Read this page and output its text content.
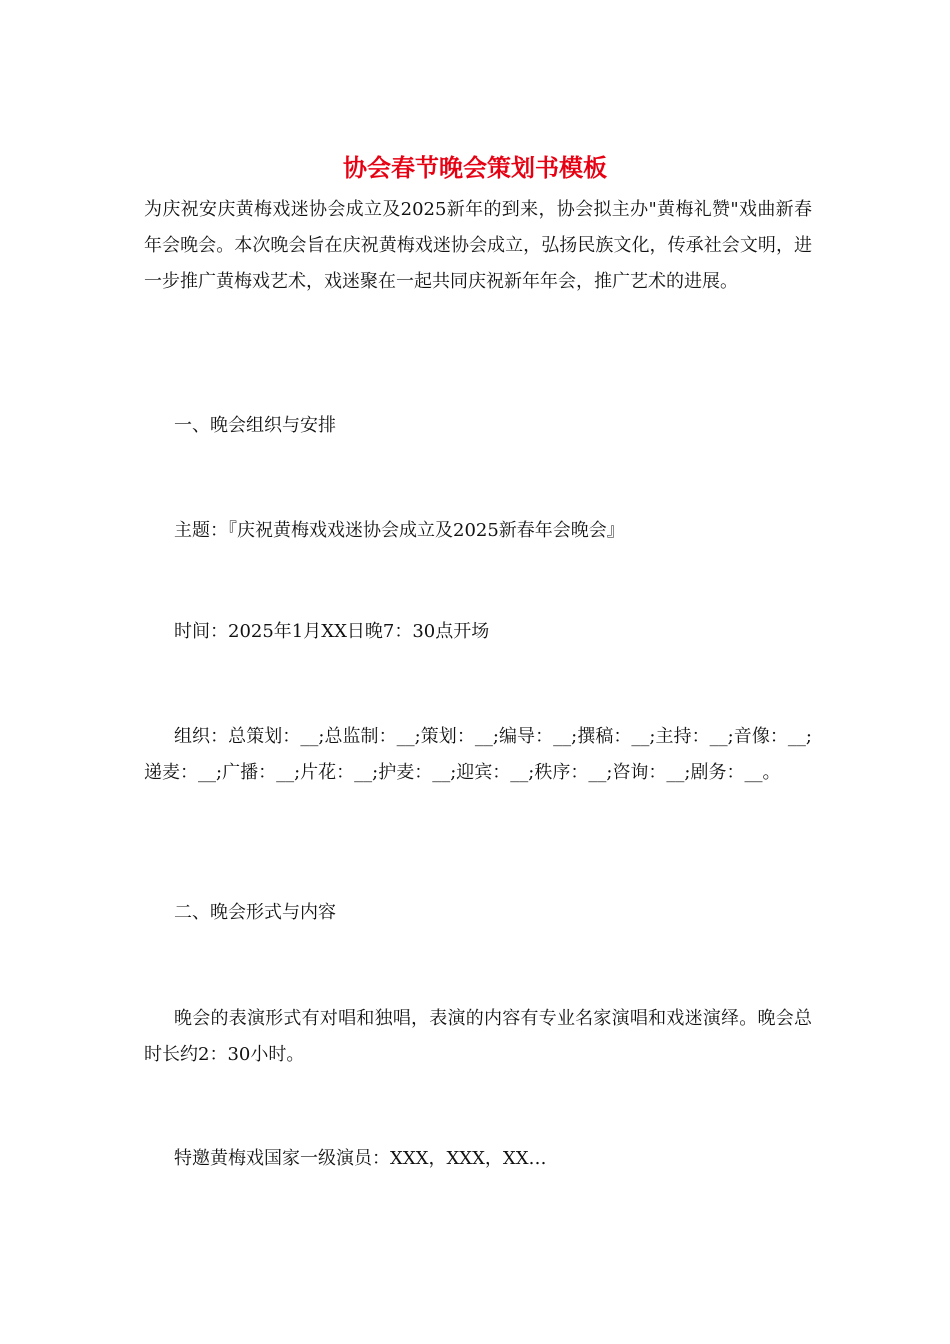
协会春节晚会策划书模板

为庆祝安庆黄梅戏迷协会成立及2025新年的到来，协会拟主办"黄梅礼赞"戏曲新春年会晚会。本次晚会旨在庆祝黄梅戏迷协会成立，弘扬民族文化，传承社会文明，进一步推广黄梅戏艺术，戏迷聚在一起共同庆祝新年年会，推广艺术的进展。

一、晚会组织与安排

主题：『庆祝黄梅戏戏迷协会成立及2025新春年会晚会』

时间：2025年1月XX日晚7：30点开场

组织：总策划：__;总监制：__;策划：__;编导：__;撰稿：__;主持：__;音像：__;递麦：__;广播：__;片花：__;护麦：__;迎宾：__;秩序：__;咨询：__;剧务：__。

二、晚会形式与内容

晚会的表演形式有对唱和独唱，表演的内容有专业名家演唱和戏迷演绎。晚会总时长约2：30小时。

特邀黄梅戏国家一级演员：XXX，XXX，XX…
